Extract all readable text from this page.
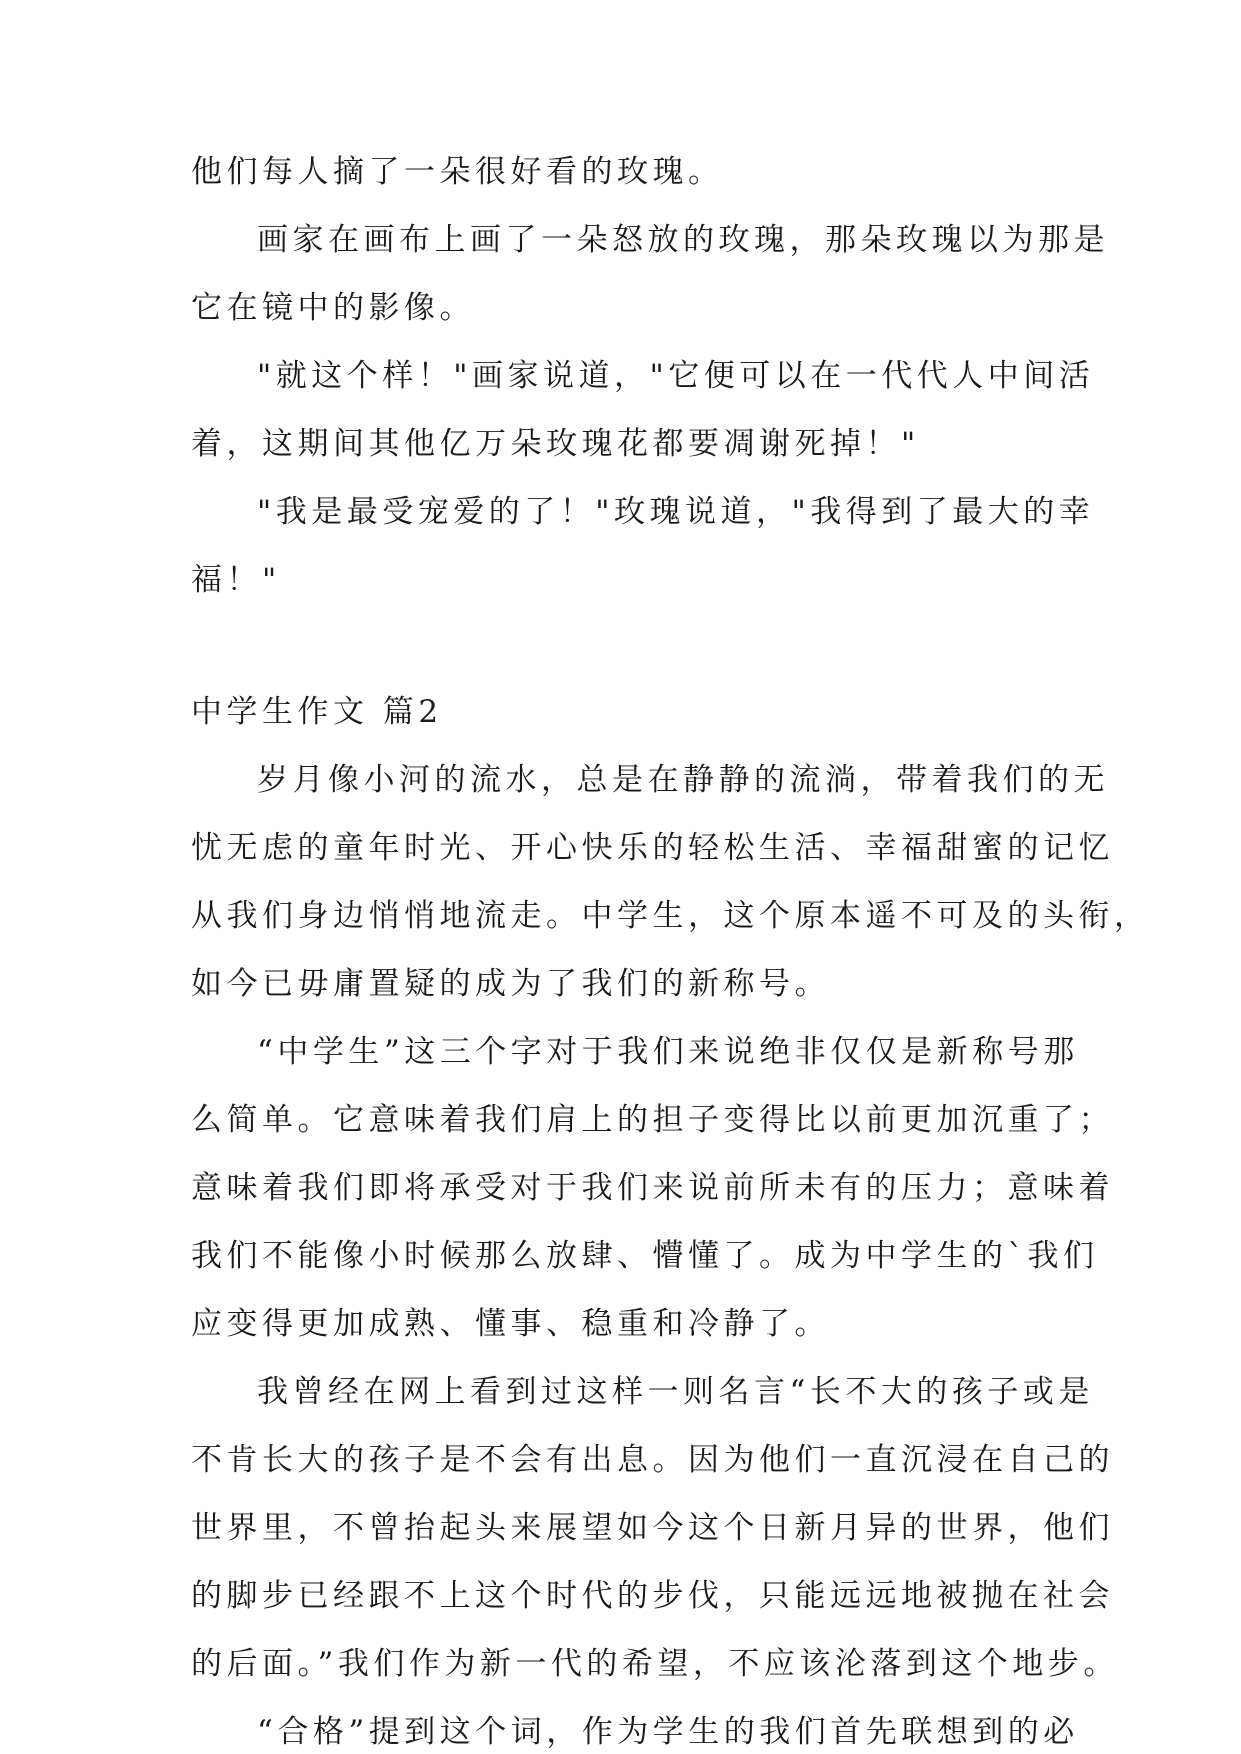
他们每人摘了一朵很好看的玫瑰。
画家在画布上画了一朵怒放的玫瑰，那朵玫瑰以为那是
它在镜中的影像。
"就这个样！"画家说道，"它便可以在一代代人中间活
着，这期间其他亿万朵玫瑰花都要凋谢死掉！"
"我是最受宠爱的了！"玫瑰说道，"我得到了最大的幸
福！"
中学生作文 篇2
岁月像小河的流水，总是在静静的流淌，带着我们的无
忧无虑的童年时光、开心快乐的轻松生活、幸福甜蜜的记忆
从我们身边悄悄地流走。中学生，这个原本遥不可及的头衔，
如今已毋庸置疑的成为了我们的新称号。
“中学生”这三个字对于我们来说绝非仅仅是新称号那
么简单。它意味着我们肩上的担子变得比以前更加沉重了；
意味着我们即将承受对于我们来说前所未有的压力；意味着
我们不能像小时候那么放肆、懵懂了。成为中学生的`我们
应变得更加成熟、懂事、稳重和冷静了。
我曾经在网上看到过这样一则名言“长不大的孩子或是
不肯长大的孩子是不会有出息。因为他们一直沉浸在自己的
世界里，不曾抬起头来展望如今这个日新月异的世界，他们
的脚步已经跟不上这个时代的步伐，只能远远地被抛在社会
的后面。”我们作为新一代的希望，不应该沦落到这个地步。
“合格”提到这个词，作为学生的我们首先联想到的必
